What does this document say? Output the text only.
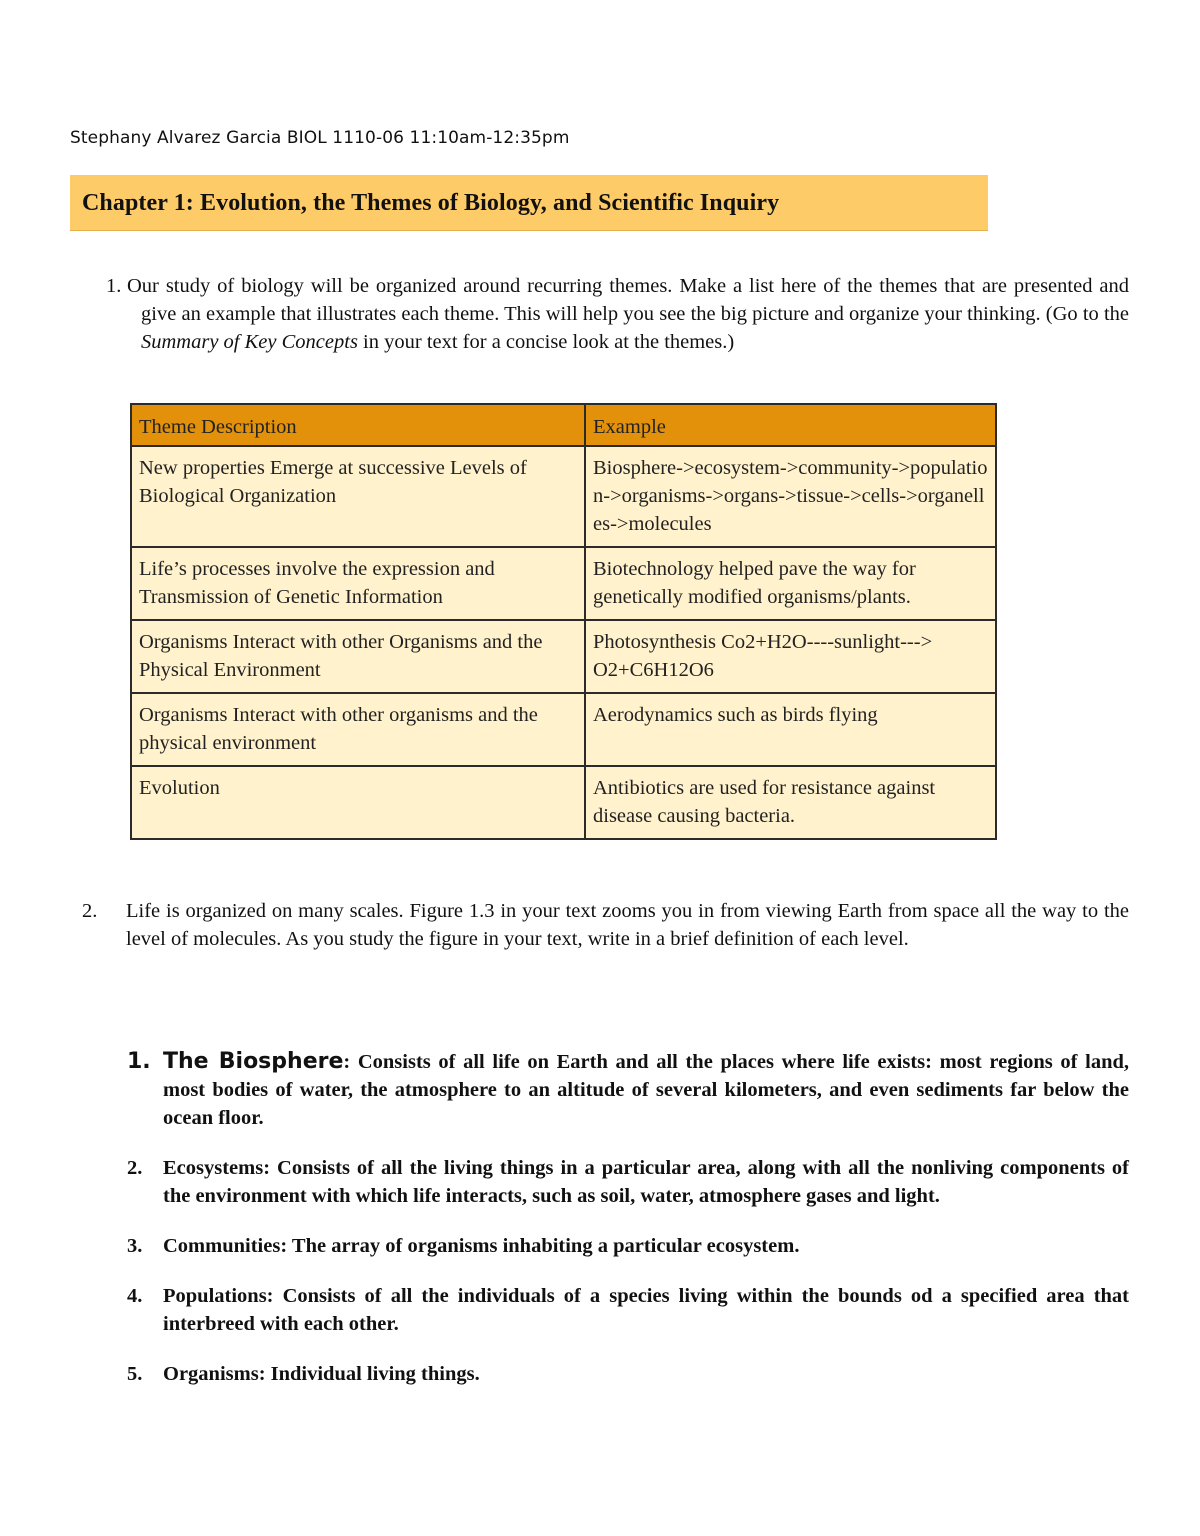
Stephany Alvarez Garcia BIOL 1110-06 11:10am-12:35pm
Chapter 1: Evolution, the Themes of Biology, and Scientific Inquiry
1. Our study of biology will be organized around recurring themes. Make a list here of the themes that are presented and give an example that illustrates each theme. This will help you see the big picture and organize your thinking. (Go to the Summary of Key Concepts in your text for a concise look at the themes.)
Theme Description	Example
New properties Emerge at successive Levels of Biological Organization	Biosphere->ecosystem->community->population->organisms->organs->tissue->cells->organelles->molecules
Life’s processes involve the expression and Transmission of Genetic Information	Biotechnology helped pave the way for genetically modified organisms/plants.
Organisms Interact with other Organisms and the Physical Environment	Photosynthesis Co2+H2O----sunlight---> O2+C6H12O6
Organisms Interact with other organisms and the physical environment	Aerodynamics such as birds flying
Evolution	Antibiotics are used for resistance against disease causing bacteria.
2.	Life is organized on many scales. Figure 1.3 in your text zooms you in from viewing Earth from space all the way to the level of molecules. As you study the figure in your text, write in a brief definition of each level.
1. The Biosphere: Consists of all life on Earth and all the places where life exists: most regions of land, most bodies of water, the atmosphere to an altitude of several kilometers, and even sediments far below the ocean floor.
2. Ecosystems: Consists of all the living things in a particular area, along with all the nonliving components of the environment with which life interacts, such as soil, water, atmosphere gases and light.
3. Communities: The array of organisms inhabiting a particular ecosystem.
4. Populations: Consists of all the individuals of a species living within the bounds od a specified area that interbreed with each other.
5. Organisms: Individual living things.
